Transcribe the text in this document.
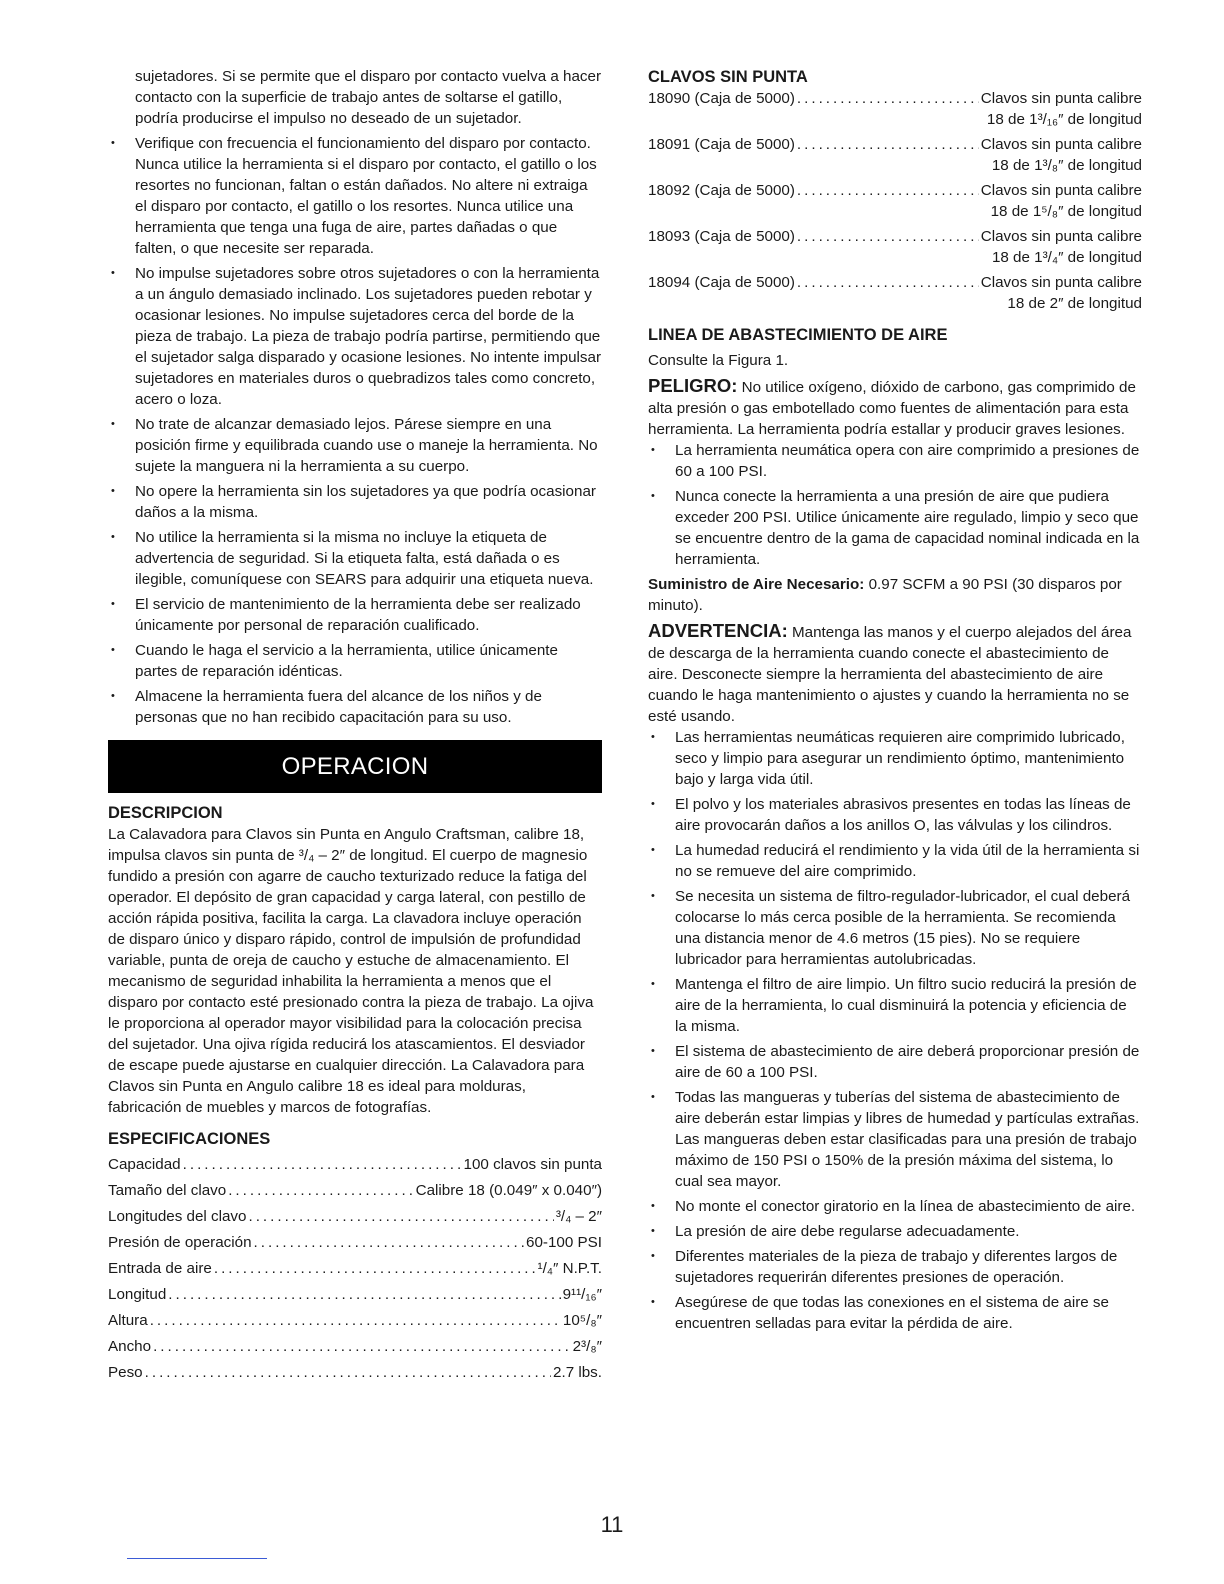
sujetadores. Si se permite que el disparo por contacto vuelva a hacer contacto con la superficie de trabajo antes de soltarse el gatillo, podría producirse el impulso no deseado de un sujetador.

• Verifique con frecuencia el funcionamiento del disparo por contacto. Nunca utilice la herramienta si el disparo por contacto, el gatillo o los resortes no funcionan, faltan o están dañados. No altere ni extraiga el disparo por contacto, el gatillo o los resortes. Nunca utilice una herramienta que tenga una fuga de aire, partes dañadas o que falten, o que necesite ser reparada.
• No impulse sujetadores sobre otros sujetadores o con la herramienta a un ángulo demasiado inclinado. Los sujetadores pueden rebotar y ocasionar lesiones. No impulse sujetadores cerca del borde de la pieza de trabajo. La pieza de trabajo podría partirse, permitiendo que el sujetador salga disparado y ocasione lesiones. No intente impulsar sujetadores en materiales duros o quebradizos tales como concreto, acero o loza.
• No trate de alcanzar demasiado lejos. Párese siempre en una posición firme y equilibrada cuando use o maneje la herramienta. No sujete la manguera ni la herramienta a su cuerpo.
• No opere la herramienta sin los sujetadores ya que podría ocasionar daños a la misma.
• No utilice la herramienta si la misma no incluye la etiqueta de advertencia de seguridad. Si la etiqueta falta, está dañada o es ilegible, comuníquese con SEARS para adquirir una etiqueta nueva.
• El servicio de mantenimiento de la herramienta debe ser realizado únicamente por personal de reparación cualificado.
• Cuando le haga el servicio a la herramienta, utilice únicamente partes de reparación idénticas.
• Almacene la herramienta fuera del alcance de los niños y de personas que no han recibido capacitación para su uso.
OPERACION
DESCRIPCION

La Calavadora para Clavos sin Punta en Angulo Craftsman, calibre 18, impulsa clavos sin punta de ³/₄ – 2″ de longitud. El cuerpo de magnesio fundido a presión con agarre de caucho texturizado reduce la fatiga del operador. El depósito de gran capacidad y carga lateral, con pestillo de acción rápida positiva, facilita la carga. La clavadora incluye operación de disparo único y disparo rápido, control de impulsión de profundidad variable, punta de oreja de caucho y estuche de almacenamiento. El mecanismo de seguridad inhabilita la herramienta a menos que el disparo por contacto esté presionado contra la pieza de trabajo. La ojiva le proporciona al operador mayor visibilidad para la colocación precisa del sujetador. Una ojiva rígida reducirá los atascamientos. El desviador de escape puede ajustarse en cualquier dirección. La Calavadora para Clavos sin Punta en Angulo calibre 18 es ideal para molduras, fabricación de muebles y marcos de fotografías.

ESPECIFICACIONES
Capacidad .....	100 clavos sin punta
Tamaño del clavo .....	Calibre 18 (0.049″ x 0.040″)
Longitudes del clavo .....	³/₄ – 2″
Presión de operación .....	60-100 PSI
Entrada de aire .....	¹/₄″ N.P.T.
Longitud .....	9¹¹/₁₆″
Altura .....	10⁵/₈″
Ancho .....	2³/₈″
Peso .....	2.7 lbs.
CLAVOS SIN PUNTA
18090 (Caja de 5000) .....	Clavos sin punta calibre
18 de 1³/₁₆″ de longitud
18091 (Caja de 5000) .....	Clavos sin punta calibre
18 de 1³/₈″ de longitud
18092 (Caja de 5000) .....	Clavos sin punta calibre
18 de 1⁵/₈″ de longitud
18093 (Caja de 5000) .....	Clavos sin punta calibre
18 de 1³/₄″ de longitud
18094 (Caja de 5000) .....	Clavos sin punta calibre
18 de 2″ de longitud
LINEA DE ABASTECIMIENTO DE AIRE

Consulte la Figura 1.

PELIGRO: No utilice oxígeno, dióxido de carbono, gas comprimido de alta presión o gas embotellado como fuentes de alimentación para esta herramienta. La herramienta podría estallar y producir graves lesiones.

• La herramienta neumática opera con aire comprimido a presiones de 60 a 100 PSI.
• Nunca conecte la herramienta a una presión de aire que pudiera exceder 200 PSI. Utilice únicamente aire regulado, limpio y seco que se encuentre dentro de la gama de capacidad nominal indicada en la herramienta.

Suministro de Aire Necesario: 0.97 SCFM a 90 PSI (30 disparos por minuto).

ADVERTENCIA: Mantenga las manos y el cuerpo alejados del área de descarga de la herramienta cuando conecte el abastecimiento de aire. Desconecte siempre la herramienta del abastecimiento de aire cuando le haga mantenimiento o ajustes y cuando la herramienta no se esté usando.

• Las herramientas neumáticas requieren aire comprimido lubricado, seco y limpio para asegurar un rendimiento óptimo, mantenimiento bajo y larga vida útil.
• El polvo y los materiales abrasivos presentes en todas las líneas de aire provocarán daños a los anillos O, las válvulas y los cilindros.
• La humedad reducirá el rendimiento y la vida útil de la herramienta si no se remueve del aire comprimido.
• Se necesita un sistema de filtro-regulador-lubricador, el cual deberá colocarse lo más cerca posible de la herramienta. Se recomienda una distancia menor de 4.6 metros (15 pies). No se requiere lubricador para herramientas autolubricadas.
• Mantenga el filtro de aire limpio. Un filtro sucio reducirá la presión de aire de la herramienta, lo cual disminuirá la potencia y eficiencia de la misma.
• El sistema de abastecimiento de aire deberá proporcionar presión de aire de 60 a 100 PSI.
• Todas las mangueras y tuberías del sistema de abastecimiento de aire deberán estar limpias y libres de humedad y partículas extrañas. Las mangueras deben estar clasificadas para una presión de trabajo máximo de 150 PSI o 150% de la presión máxima del sistema, lo cual sea mayor.
• No monte el conector giratorio en la línea de abastecimiento de aire.
• La presión de aire debe regularse adecuadamente.
• Diferentes materiales de la pieza de trabajo y diferentes largos de sujetadores requerirán diferentes presiones de operación.
• Asegúrese de que todas las conexiones en el sistema de aire se encuentren selladas para evitar la pérdida de aire.
11
